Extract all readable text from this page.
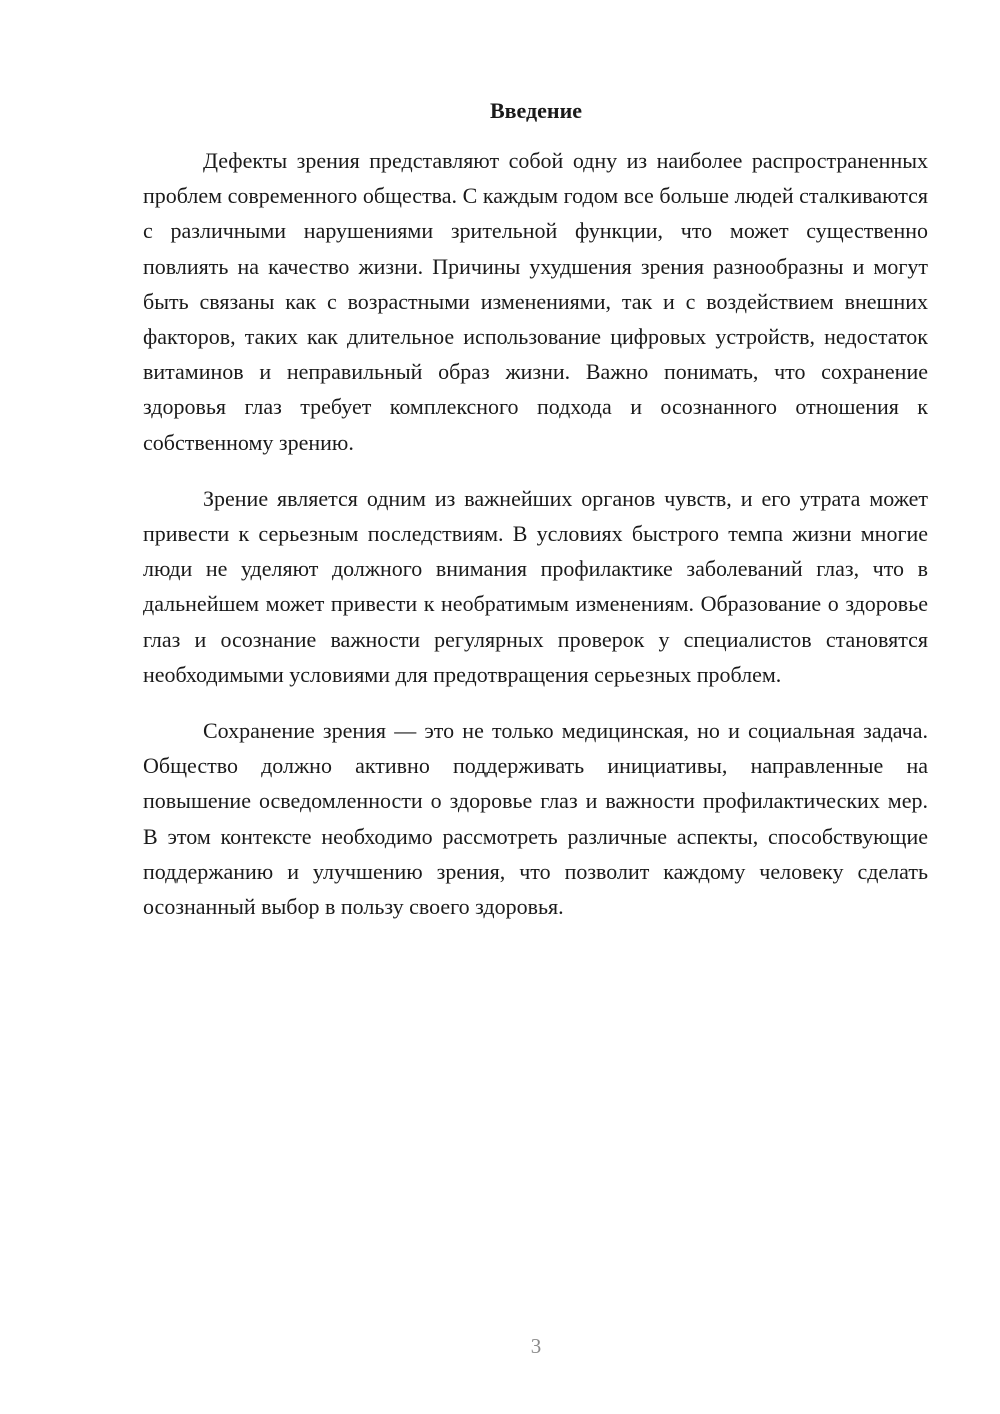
Введение

Дефекты зрения представляют собой одну из наиболее распространенных проблем современного общества. С каждым годом все больше людей сталкиваются с различными нарушениями зрительной функции, что может существенно повлиять на качество жизни. Причины ухудшения зрения разнообразны и могут быть связаны как с возрастными изменениями, так и с воздействием внешних факторов, таких как длительное использование цифровых устройств, недостаток витаминов и неправильный образ жизни. Важно понимать, что сохранение здоровья глаз требует комплексного подхода и осознанного отношения к собственному зрению.

Зрение является одним из важнейших органов чувств, и его утрата может привести к серьезным последствиям. В условиях быстрого темпа жизни многие люди не уделяют должного внимания профилактике заболеваний глаз, что в дальнейшем может привести к необратимым изменениям. Образование о здоровье глаз и осознание важности регулярных проверок у специалистов становятся необходимыми условиями для предотвращения серьезных проблем.

Сохранение зрения — это не только медицинская, но и социальная задача. Общество должно активно поддерживать инициативы, направленные на повышение осведомленности о здоровье глаз и важности профилактических мер. В этом контексте необходимо рассмотреть различные аспекты, способствующие поддержанию и улучшению зрения, что позволит каждому человеку сделать осознанный выбор в пользу своего здоровья.

3
